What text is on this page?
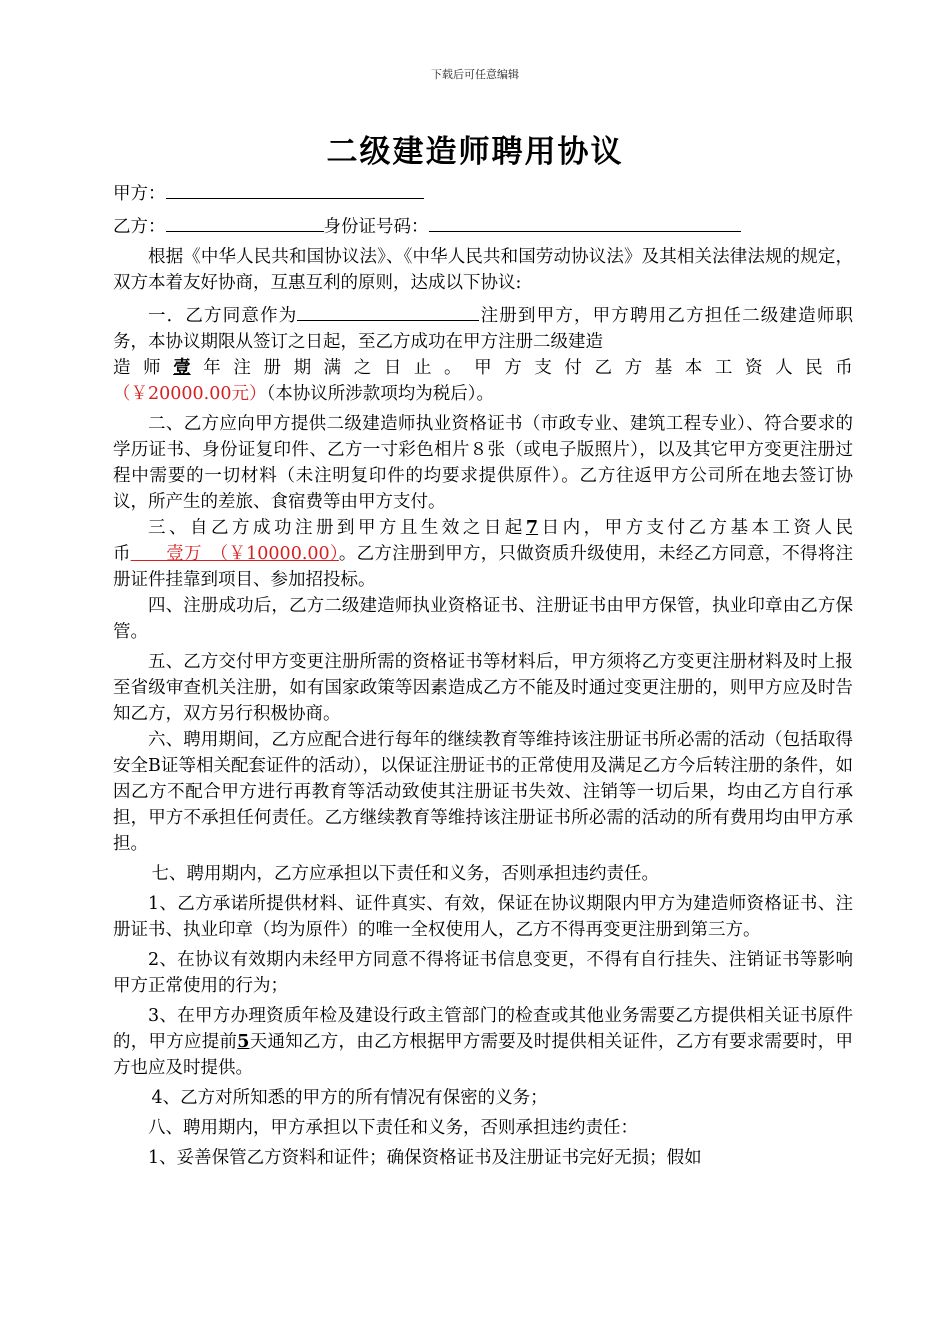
下载后可任意编辑
二级建造师聘用协议

甲方：

乙方：	身份证号码：

根据《中华人民共和国协议法》、《中华人民共和国劳动协议法》及其相关法律法规的规定，双方本着友好协商，互惠互利的原则，达成以下协议:

一．乙方同意作为	注册到甲方，甲方聘用乙方担任二级建造师职务，本协议期限从签订之日起，至乙方成功在甲方注册二级建造

造 师 壹 年 注 册 期 满 之 日 止 。 甲 方 支 付 乙 方 基 本 工 资 人 民 币

（￥20000.00元）（本协议所涉款项均为税后）。

二、乙方应向甲方提供二级建造师执业资格证书（市政专业、建筑工程专业）、符合要求的学历证书、身份证复印件、乙方一寸彩色相片８张（或电子版照片），以及其它甲方变更注册过程中需要的一切材料（未注明复印件的均要求提供原件）。乙方往返甲方公司所在地去签订协议，所产生的差旅、食宿费等由甲方支付。

三、自乙方成功注册到甲方且生效之日起7日内，甲方支付乙方基本工资人民币　　壹万　（￥10000.00）。乙方注册到甲方，只做资质升级使用，未经乙方同意，不得将注册证件挂靠到项目、参加招投标。

四、注册成功后，乙方二级建造师执业资格证书、注册证书由甲方保管，执业印章由乙方保管。

五、乙方交付甲方变更注册所需的资格证书等材料后，甲方须将乙方变更注册材料及时上报至省级审查机关注册，如有国家政策等因素造成乙方不能及时通过变更注册的，则甲方应及时告知乙方，双方另行积极协商。

六、聘用期间，乙方应配合进行每年的继续教育等维持该注册证书所必需的活动（包括取得安全B证等相关配套证件的活动），以保证注册证书的正常使用及满足乙方今后转注册的条件，如因乙方不配合甲方进行再教育等活动致使其注册证书失效、注销等一切后果，均由乙方自行承担，甲方不承担任何责任。乙方继续教育等维持该注册证书所必需的活动的所有费用均由甲方承担。

七、聘用期内，乙方应承担以下责任和义务，否则承担违约责任。

1、乙方承诺所提供材料、证件真实、有效，保证在协议期限内甲方为建造师资格证书、注册证书、执业印章（均为原件）的唯一全权使用人，乙方不得再变更注册到第三方。

2、在协议有效期内未经甲方同意不得将证书信息变更，不得有自行挂失、注销证书等影响甲方正常使用的行为；

3、在甲方办理资质年检及建设行政主管部门的检查或其他业务需要乙方提供相关证书原件的，甲方应提前5天通知乙方，由乙方根据甲方需要及时提供相关证件，乙方有要求需要时，甲方也应及时提供。

4、乙方对所知悉的甲方的所有情况有保密的义务；

八、聘用期内，甲方承担以下责任和义务，否则承担违约责任：

1、妥善保管乙方资料和证件；确保资格证书及注册证书完好无损；假如
